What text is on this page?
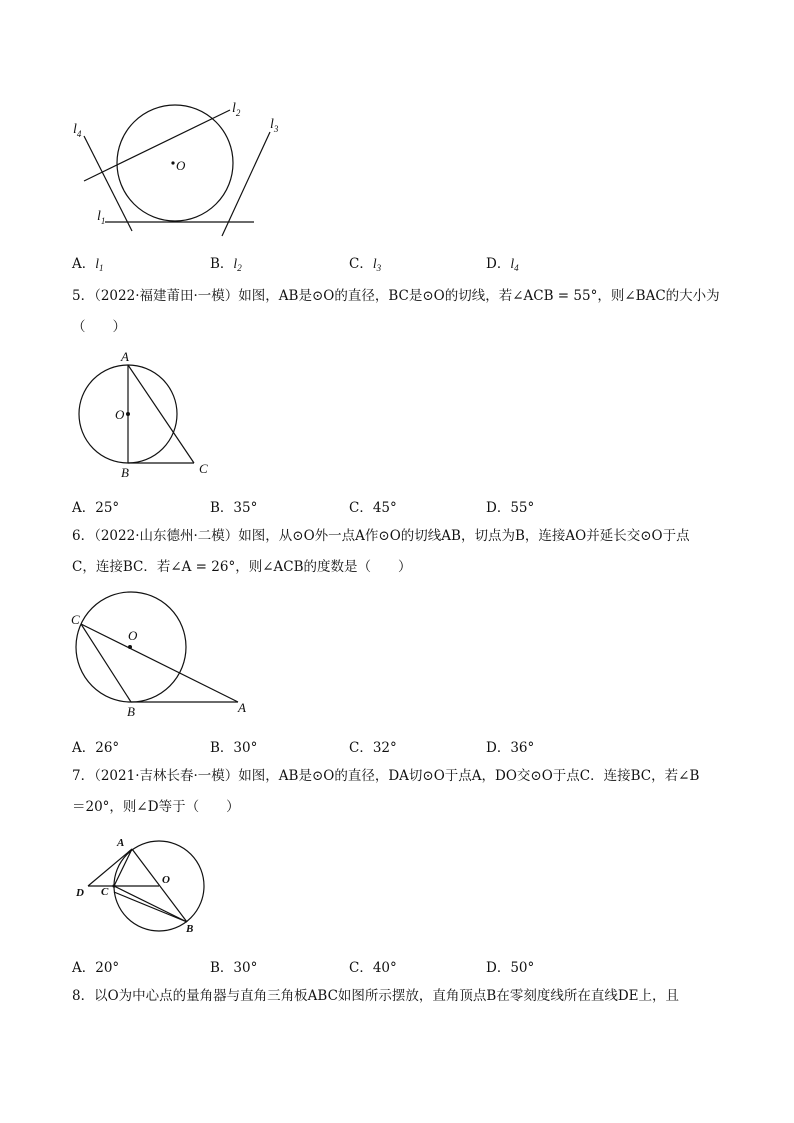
O
$l_2$
$l_3$
$l_4$
$l_1$
A．$l_1$	B．$l_2$	C．$l_3$	D．$l_4$
5．（2022·福建莆田·一模）如图，AB是⊙O的直径，BC是⊙O的切线，若∠ACB = 55°，则∠BAC的大小为
（　　）
A
O
B	C
A．25°	B．35°	C．45°	D．55°
6．（2022·山东德州·二模）如图，从⊙O外一点A作⊙O的切线AB，切点为B，连接AO并延长交⊙O于点
C，连接BC．若∠A = 26°，则∠ACB的度数是（　　）
C
O
B	A
A．26°	B．30°	C．32°	D．36°
7．（2021·吉林长春·一模）如图，AB是⊙O的直径，DA切⊙O于点A，DO交⊙O于点C．连接BC，若∠B
＝20°，则∠D等于（　　）
A
O
D C
B
A．20°	B．30°	C．40°	D．50°
8．以O为中心点的量角器与直角三角板ABC如图所示摆放，直角顶点B在零刻度线所在直线DE上，且
